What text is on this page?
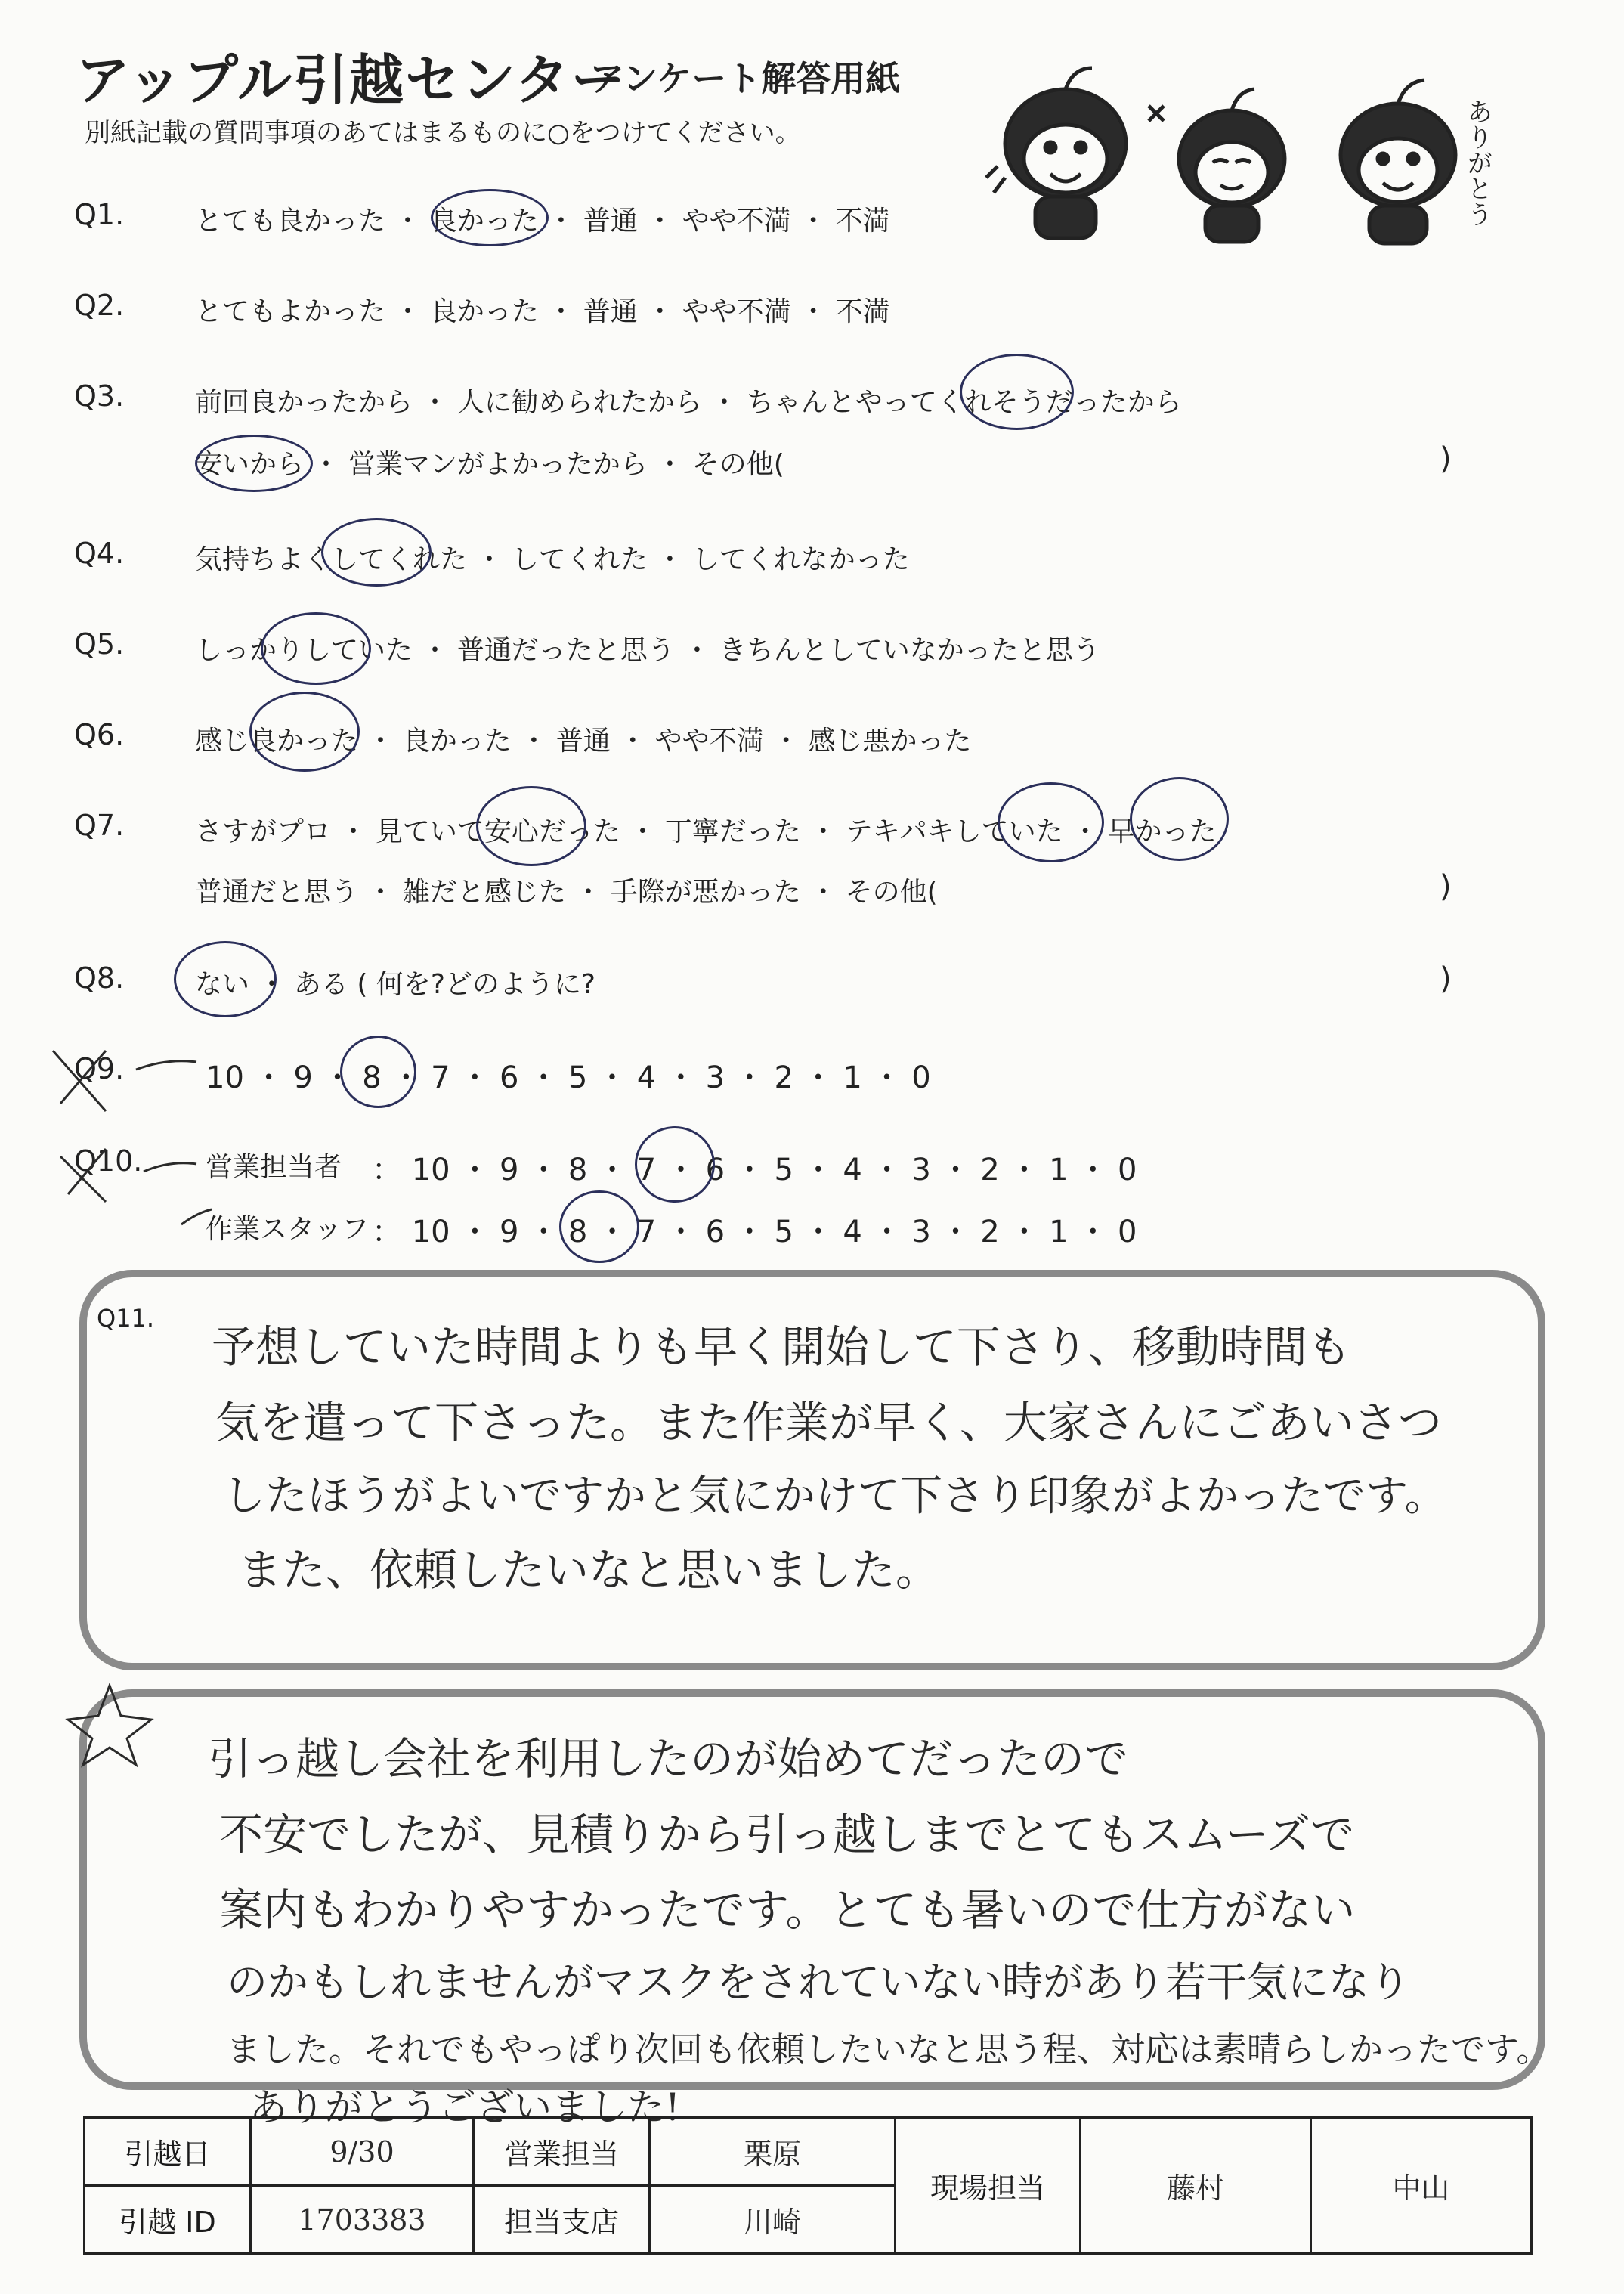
アップル引越センター
アンケート解答用紙
別紙記載の質問事項のあてはまるものに○をつけてください。	ありがとう
Q1.	とても良かった ・ 良かった ・ 普通 ・ やや不満 ・ 不満
Q2.	とてもよかった ・ 良かった ・ 普通 ・ やや不満 ・ 不満
Q3.	前回良かったから ・ 人に勧められたから ・ ちゃんとやってくれそうだったから
安いから ・ 営業マンがよかったから ・ その他(	)
Q4.	気持ちよくしてくれた ・ してくれた ・ してくれなかった
Q5.	しっかりしていた ・ 普通だったと思う ・ きちんとしていなかったと思う
Q6.	感じ良かった ・ 良かった ・ 普通 ・ やや不満 ・ 感じ悪かった
Q7.	さすがプロ ・ 見ていて安心だった ・ 丁寧だった ・ テキパキしていた ・ 早かった
普通だと思う ・ 雑だと感じた ・ 手際が悪かった ・ その他(	)
Q8.	ない ・ ある ( 何を?どのように?	)
Q9.	10 ・ 9 ・ 8 ・ 7 ・ 6 ・ 5 ・ 4 ・ 3 ・ 2 ・ 1 ・ 0
Q10. 営業担当者 ： 10 ・ 9 ・ 8 ・ 7 ・ 6 ・ 5 ・ 4 ・ 3 ・ 2 ・ 1 ・ 0
作業スタッフ ： 10 ・ 9 ・ 8 ・ 7 ・ 6 ・ 5 ・ 4 ・ 3 ・ 2 ・ 1 ・ 0
Q11.
予想していた時間よりも早く開始して下さり、移動時間も
気を遣って下さった。また作業が早く、大家さんにごあいさつ
したほうがよいですかと気にかけて下さり印象がよかったです。
また、依頼したいなと思いました。
引っ越し会社を利用したのが始めてだったので
不安でしたが、見積りから引っ越しまでとてもスムーズで
案内もわかりやすかったです。とても暑いので仕方がない
のかもしれませんがマスクをされていない時があり若干気になり
ました。それでもやっぱり次回も依頼したいなと思う程、対応は素晴らしかったです。
ありがとうございました!
引越日	9/30	営業担当	栗原	現場担当	藤村	中山
引越 ID	1703383	担当支店	川崎			
